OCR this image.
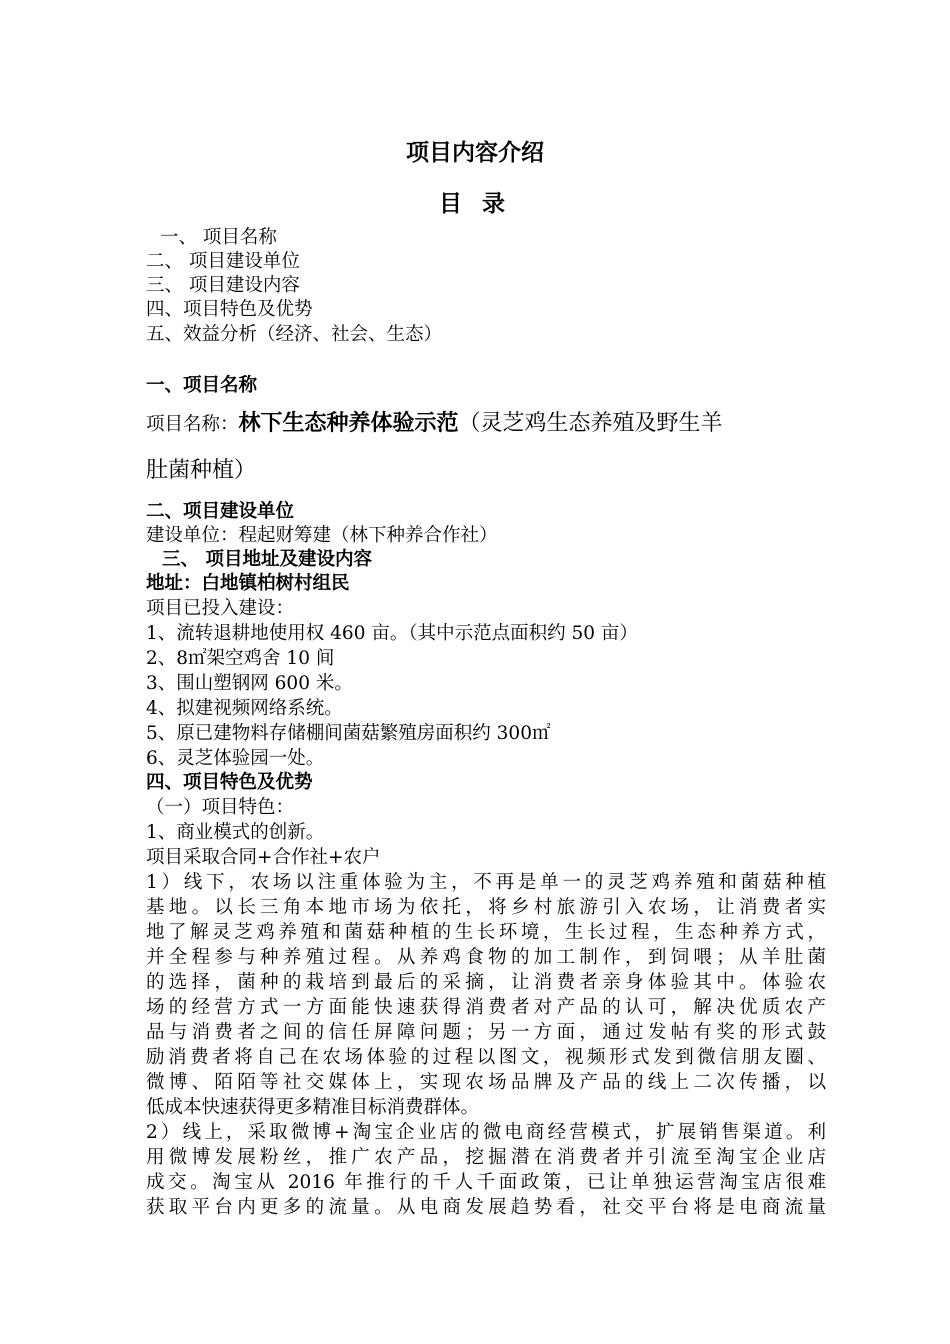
项目内容介绍
目 录
一、 项目名称
二、 项目建设单位
三、 项目建设内容
四、项目特色及优势
五、效益分析（经济、社会、生态）
一、项目名称
项目名称：林下生态种养体验示范（灵芝鸡生态养殖及野生羊
肚菌种植）
二、项目建设单位
建设单位：程起财筹建（林下种养合作社）
三、 项目地址及建设内容
地址：白地镇柏树村组民
项目已投入建设：
1、流转退耕地使用权 460 亩。（其中示范点面积约 50 亩）
2、8㎡架空鸡舍 10 间
3、围山塑钢网 600 米。
4、拟建视频网络系统。
5、原已建物料存储棚间菌菇繁殖房面积约 300㎡
6、灵芝体验园一处。
四、项目特色及优势
（一）项目特色：
1、商业模式的创新。
项目采取合同+合作社+农户
1）线下，农场以注重体验为主，不再是单一的灵芝鸡养殖和菌菇种植
基地。以长三角本地市场为依托，将乡村旅游引入农场，让消费者实
地了解灵芝鸡养殖和菌菇种植的生长环境，生长过程，生态种养方式，
并全程参与种养殖过程。从养鸡食物的加工制作，到饲喂；从羊肚菌
的选择，菌种的栽培到最后的采摘，让消费者亲身体验其中。体验农
场的经营方式一方面能快速获得消费者对产品的认可，解决优质农产
品与消费者之间的信任屏障问题；另一方面，通过发帖有奖的形式鼓
励消费者将自己在农场体验的过程以图文，视频形式发到微信朋友圈、
微博、陌陌等社交媒体上，实现农场品牌及产品的线上二次传播，以
低成本快速获得更多精准目标消费群体。
2）线上，采取微博+淘宝企业店的微电商经营模式，扩展销售渠道。利
用微博发展粉丝，推广农产品，挖掘潜在消费者并引流至淘宝企业店
成交。淘宝从 2016 年推行的千人千面政策，已让单独运营淘宝店很难
获取平台内更多的流量。从电商发展趋势看，社交平台将是电商流量
